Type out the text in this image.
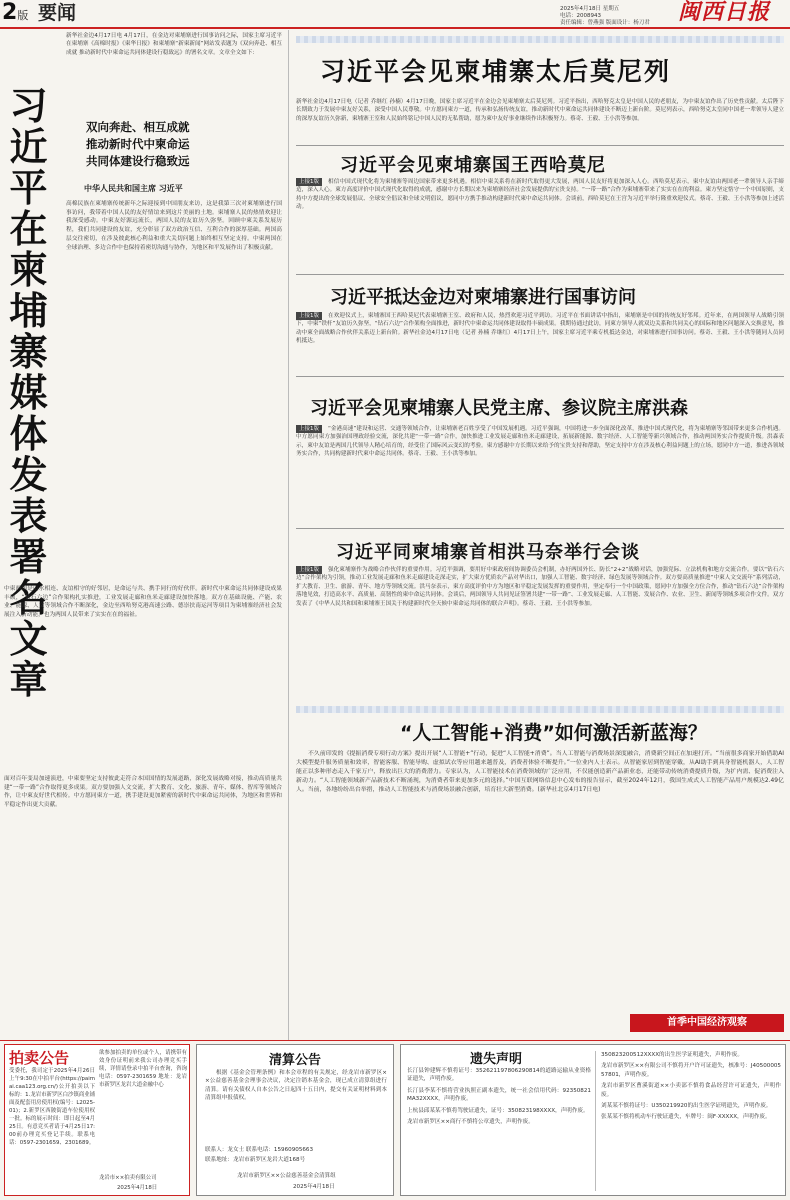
2版 要闻	2025年4月18日 星期五
电话：2008943
责任编辑：曾燕强 版面设计：杨刀君 闽西日报
习近平在柬埔寨媒体发表署名文章
新华社金边4月17日电 4月17日，在金边对柬埔寨进行国事访问之际，国家主席习近平在柬埔寨《高棉时报》《柬华日报》和柬埔寨“新柬新闻”网站发表题为《双向奔赴、相互成就 推动新时代中柬命运共同体建设行稳致远》的署名文章。文章全文如下：
双向奔赴、相互成就
推动新时代中柬命运
共同体建设行稳致远
中华人民共和国主席 习近平
高棉民族在柬埔寨传统新年之际迎接到中国朋友来访，这是我第三次对柬埔寨进行国事访问，我带着中国人民的友好情谊来到这片美丽的土地。柬埔寨人民的热情欢迎让我深受感动。中柬友好源远流长，两国人民的友谊历久弥坚。回顾中柬关系发展历程，我们共同建设的友谊，充分彰显了双方政治互信、互利合作的深厚基础。两国高层交往密切，在涉及彼此核心利益和重大关切问题上始终相互坚定支持。中柬两国在全球治理、多边合作中也保持着密切沟通与协作，为地区和平发展作出了积极贡献。
中柬两国是山水相连、友谊相守的好邻居，是命运与共、携手同行的好伙伴。新时代中柬命运共同体建设成果丰硕，“钻石六边”合作架构扎实推进，工业发展走廊和鱼米走廊建设加快落地。双方在基础设施、产能、农业、能源、人文等领域合作不断深化，金边至西哈努克港高速公路、德崇扶南运河等项目为柬埔寨经济社会发展注入新动能，也为两国人民带来了实实在在的福祉。
面对百年变局加速演进，中柬要坚定支持彼此走符合本国国情的发展道路，深化发展战略对接，推动高质量共建“一带一路”合作取得更多成果。双方要加强人文交流，扩大教育、文化、旅游、青年、媒体、智库等领域合作，让中柬友好世代相传。中方愿同柬方一道，携手建设更加紧密的新时代中柬命运共同体，为地区和世界和平稳定作出更大贡献。
习近平会见柬埔寨太后莫尼列
新华社金边4月17日电（记者 乔继红 孙楠）4月17日晚，国家主席习近平在金边会见柬埔寨太后莫尼列。习近平指出，西哈努克太皇是中国人民的老朋友，为中柬友谊作出了历史性贡献。太后陛下长期致力于发展中柬友好关系，深受中国人民尊敬。中方愿同柬方一道，传承和弘扬传统友谊，推动新时代中柬命运共同体建设不断迈上新台阶。莫尼列表示，西哈努克太皇同中国老一辈领导人建立的深厚友谊历久弥新，柬埔寨王室和人民始终铭记中国人民的无私帮助，愿为柬中友好事业继续作出积极努力。蔡奇、王毅、王小洪等参加。
习近平会见柬埔寨国王西哈莫尼
上接1版	相信中国式现代化将为柬埔寨等周边国家带来更多机遇。相信中柬关系将在新时代取得更大发展，两国人民友好将更加深入人心。西哈莫尼表示，柬中友谊由两国老一辈领导人亲手缔造，深入人心。柬方高度评价中国式现代化取得的成就，感谢中方长期以来为柬埔寨经济社会发展提供的宝贵支持。“一带一路”合作为柬埔寨带来了实实在在的利益。柬方坚定恪守一个中国原则，支持中方提出的全球发展倡议、全球安全倡议和全球文明倡议，愿同中方携手推动构建新时代柬中命运共同体。会谈前，西哈莫尼在王宫为习近平举行隆重欢迎仪式。蔡奇、王毅、王小洪等参加上述活动。
习近平抵达金边对柬埔寨进行国事访问
上接1版	在欢迎仪式上，柬埔寨国王西哈莫尼代表柬埔寨王室、政府和人民，热烈欢迎习近平到访。习近平在书面讲话中指出，柬埔寨是中国的传统友好邻邦。近年来，在两国领导人战略引领下，中柬“铁杆”友谊历久弥坚，“钻石六边”合作架构全面推进，新时代中柬命运共同体建设取得丰硕成果。我期待通过此访，同柬方领导人就双边关系和共同关心的国际和地区问题深入交换意见，推动中柬全面战略合作伙伴关系迈上新台阶。新华社金边4月17日电（记者 孙楠 乔继红）4月17日上午，国家主席习近平乘专机抵达金边，对柬埔寨进行国事访问。蔡奇、王毅、王小洪等随同人员同机抵达。
习近平会见柬埔寨人民党主席、参议院主席洪森
上接1版	“金港高速”建设和运营、交通等领域合作，让柬埔寨老百姓享受了中国发展机遇。习近平强调，中国将进一步全面深化改革，推进中国式现代化，将为柬埔寨等邻国带来更多合作机遇。中方愿同柬方加强治国理政经验交流，深化共建“一带一路”合作，加快推进工业发展走廊和鱼米走廊建设，拓展新能源、数字经济、人工智能等新兴领域合作，推动两国务实合作提质升级。洪森表示，柬中友谊是两国几代领导人精心培育的，经受住了国际风云变幻的考验。柬方感谢中方长期以来给予的宝贵支持和帮助，坚定支持中方在涉及核心利益问题上的立场，愿同中方一道，推进各领域务实合作，共同构建新时代柬中命运共同体。蔡奇、王毅、王小洪等参加。
习近平同柬埔寨首相洪马奈举行会谈
上接1版	强化柬埔寨作为战略合作伙伴的重要作用。习近平强调，要用好中柬政府间协调委员会机制，办好两国外长、防长“2+2”战略对话，加强党际、立法机构和地方交流合作。要以“钻石六边”合作架构为引领，推动工业发展走廊和鱼米走廊建设走深走实，扩大柬方优质农产品对华出口，加强人工智能、数字经济、绿色发展等领域合作。双方要高质量推进“中柬人文交流年”系列活动，扩大教育、卫生、旅游、青年、地方等领域交流。洪马奈表示，柬方高度评价中方为地区和平稳定发展发挥的重要作用，坚定奉行一个中国政策，愿同中方加强全方位合作，推动“钻石六边”合作架构落地见效，打造高水平、高质量、高韧性的柬中命运共同体。会谈后，两国领导人共同见证签署共建“一带一路”、工业发展走廊、人工智能、发展合作、农业、卫生、新闻等领域多项合作文件。双方发表了《中华人民共和国和柬埔寨王国关于构建新时代全天候中柬命运共同体的联合声明》。蔡奇、王毅、王小洪等参加。
“人工智能+消费”如何激活新蓝海？
不久前印发的《提振消费专项行动方案》提出开展“人工智能+”行动，促进“人工智能+消费”。当人工智能与消费场景深度融合，消费新空间正在加速打开。“当前很多商家开始借助AI大模型提升服务质量和效率，智能客服、智能导购、虚拟试衣等应用越来越普及，消费者体验不断提升。”一位业内人士表示。从智能家居到智能穿戴，从AI助手到具身智能机器人，人工智能正以多种形态走入千家万户，释放出巨大的消费潜力。专家认为，人工智能技术在消费领域的广泛应用，不仅能创造新产品新业态，还能带动传统消费提质升级，为扩内需、促消费注入新动力。“人工智能领域新产品新技术不断涌现，为消费者带来更加多元的选择。”中国互联网络信息中心发布的报告显示，截至2024年12月，我国生成式人工智能产品用户规模达2.49亿人。当前，各地纷纷出台举措，推动人工智能技术与消费场景融合创新，培育壮大新型消费。(新华社北京4月17日电)
首季中国经济观察
拍卖公告
受委托，我司定于2025年4月26日上午9:30在中拍平台(https://paimai.caa123.org.cn/)公开拍卖以下标的：1.龙岩市新罗区白沙镇商业铺面及配套用房使用权(编号：L2025-01)；2.新罗区西陂街道车位使用权一批。标的展示时间：即日起至4月25日。有意竞买者请于4月25日17:00前办理竞买登记手续。联系电话：0597-2301659、2301689。
欲参加拍卖的单位或个人，请携带有效身份证明前来我公司办理竞买手续，详情请登录中拍平台查询，咨询电话：0597-2301659 地址：龙岩市新罗区龙岩大道金融中心
龙岩市××拍卖有限公司
2025年4月18日
清算公告
根据《基金会管理条例》和本会章程的有关规定，经龙岩市新罗区××公益慈善基金会理事会决议，决定注销本基金会，现已成立清算组进行清算。请有关债权人自本公告之日起四十五日内，提交有关证明材料到本清算组申报债权。
联系人：龙女士 联系电话：15960905663
联系地址：龙岩市新罗区龙岩大道168号
龙岩市新罗区××公益慈善基金会清算组
2025年4月18日
遗失声明
长汀县钟建辉不慎将证号：352621197806290814的道路运输从业资格证遗失，声明作废。
长汀县李某不慎将营业执照正副本遗失，统一社会信用代码：92350821MA32XXXX，声明作废。
上杭县邱某某不慎将驾驶证遗失，证号：350823198XXXX，声明作废。
龙岩市新罗区××商行不慎将公章遗失，声明作废。
350823200512XXXX的出生医学证明遗失，声明作废。
龙岩市新罗区××有限公司不慎将开户许可证遗失，核准号：J4050000557801，声明作废。
龙岩市新罗区曹溪街道××小卖部不慎将食品经营许可证遗失，声明作废。
刘某某不慎将证号：U350219920的出生医学证明遗失，声明作废。
张某某不慎将机动车行驶证遗失，车牌号：闽F·XXXXX，声明作废。
